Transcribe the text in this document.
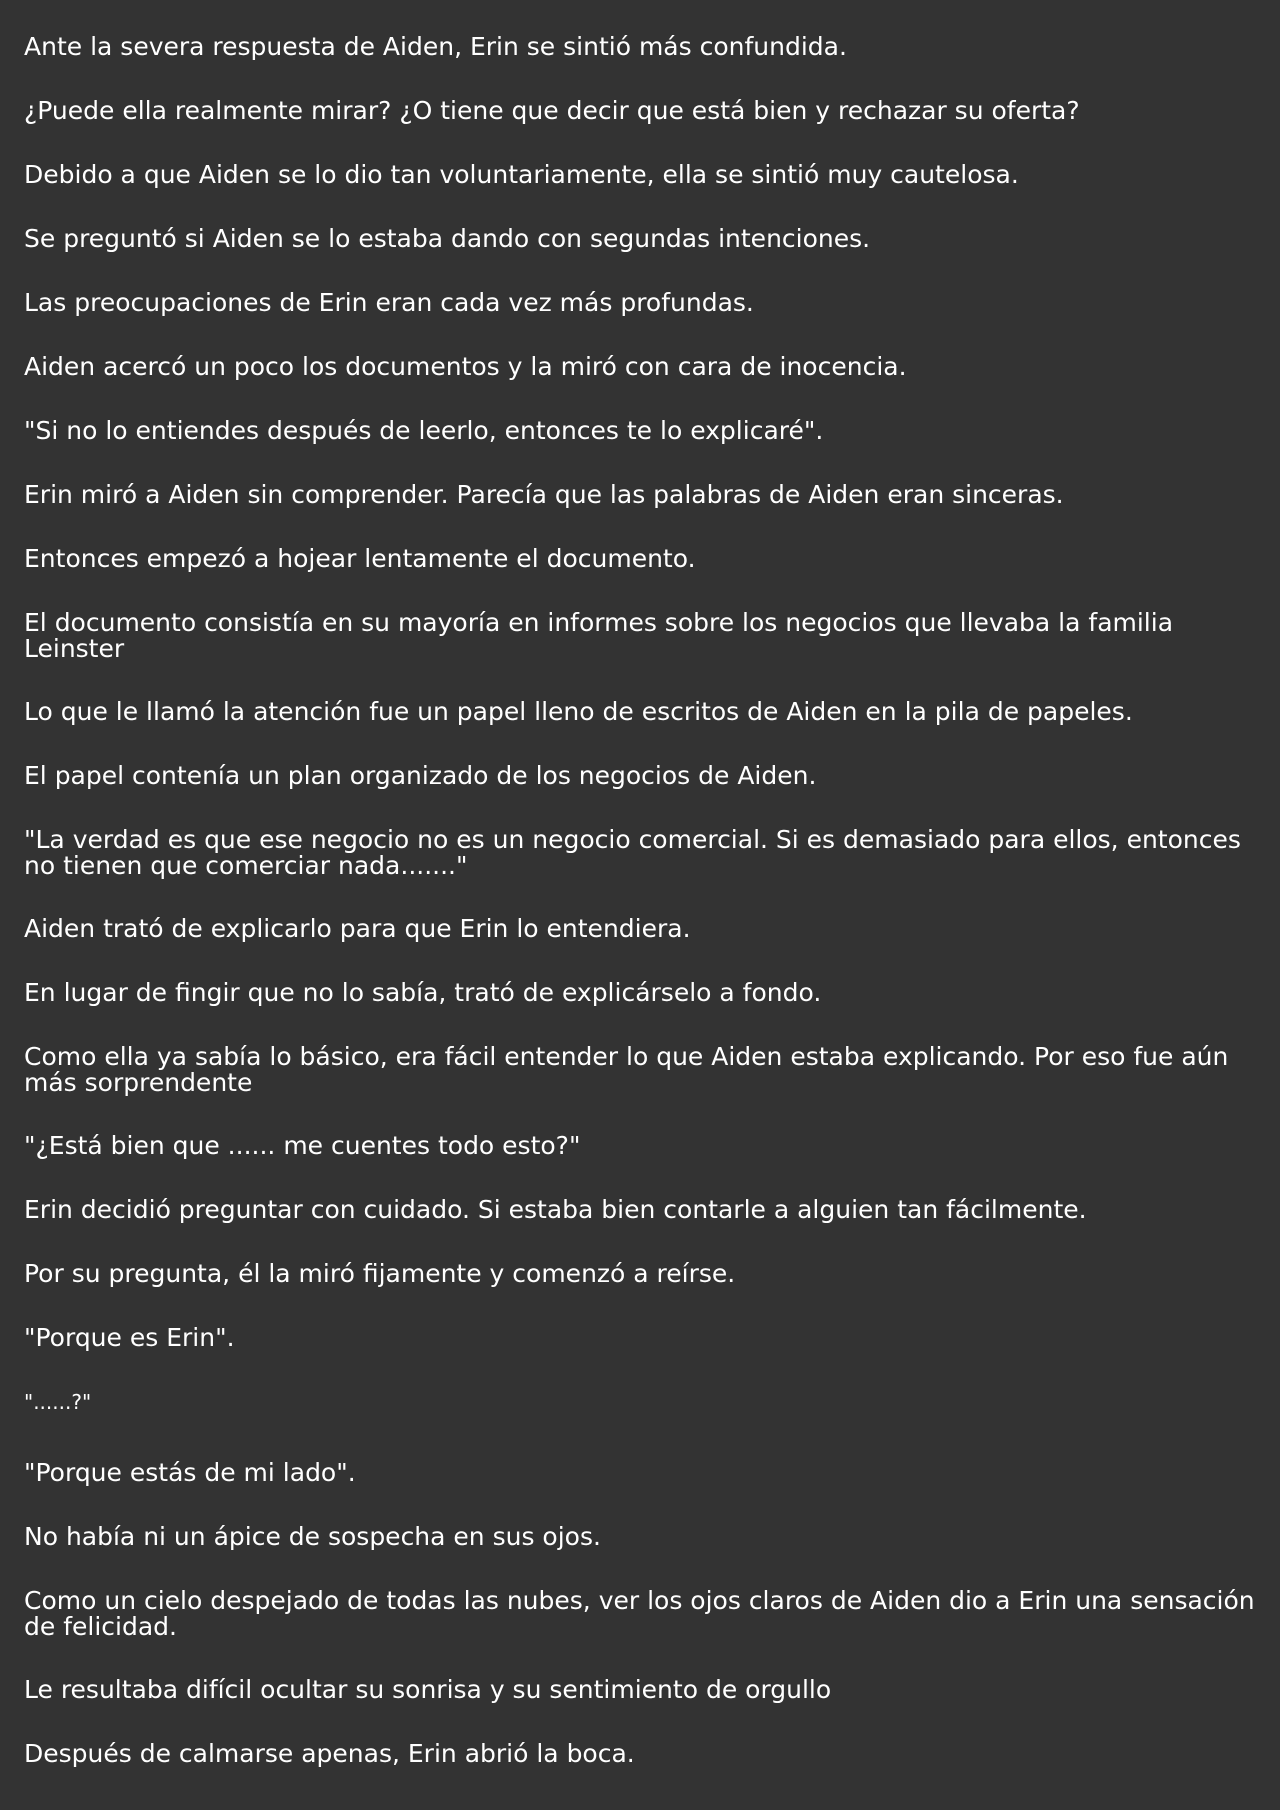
Ante la severa respuesta de Aiden, Erin se sintió más confundida.

¿Puede ella realmente mirar? ¿O tiene que decir que está bien y rechazar su oferta?

Debido a que Aiden se lo dio tan voluntariamente, ella se sintió muy cautelosa.

Se preguntó si Aiden se lo estaba dando con segundas intenciones.

Las preocupaciones de Erin eran cada vez más profundas.

Aiden acercó un poco los documentos y la miró con cara de inocencia.

"Si no lo entiendes después de leerlo, entonces te lo explicaré".

Erin miró a Aiden sin comprender. Parecía que las palabras de Aiden eran sinceras.

Entonces empezó a hojear lentamente el documento.

El documento consistía en su mayoría en informes sobre los negocios que llevaba la familia Leinster

Lo que le llamó la atención fue un papel lleno de escritos de Aiden en la pila de papeles.

El papel contenía un plan organizado de los negocios de Aiden.

"La verdad es que ese negocio no es un negocio comercial. Si es demasiado para ellos, entonces no tienen que comerciar nada......."

Aiden trató de explicarlo para que Erin lo entendiera.

En lugar de fingir que no lo sabía, trató de explicárselo a fondo.

Como ella ya sabía lo básico, era fácil entender lo que Aiden estaba explicando. Por eso fue aún más sorprendente

"¿Está bien que ...... me cuentes todo esto?"

Erin decidió preguntar con cuidado. Si estaba bien contarle a alguien tan fácilmente.

Por su pregunta, él la miró fijamente y comenzó a reírse.

"Porque es Erin".

"......?"

"Porque estás de mi lado".

No había ni un ápice de sospecha en sus ojos.

Como un cielo despejado de todas las nubes, ver los ojos claros de Aiden dio a Erin una sensación de felicidad.

Le resultaba difícil ocultar su sonrisa y su sentimiento de orgullo

Después de calmarse apenas, Erin abrió la boca.
